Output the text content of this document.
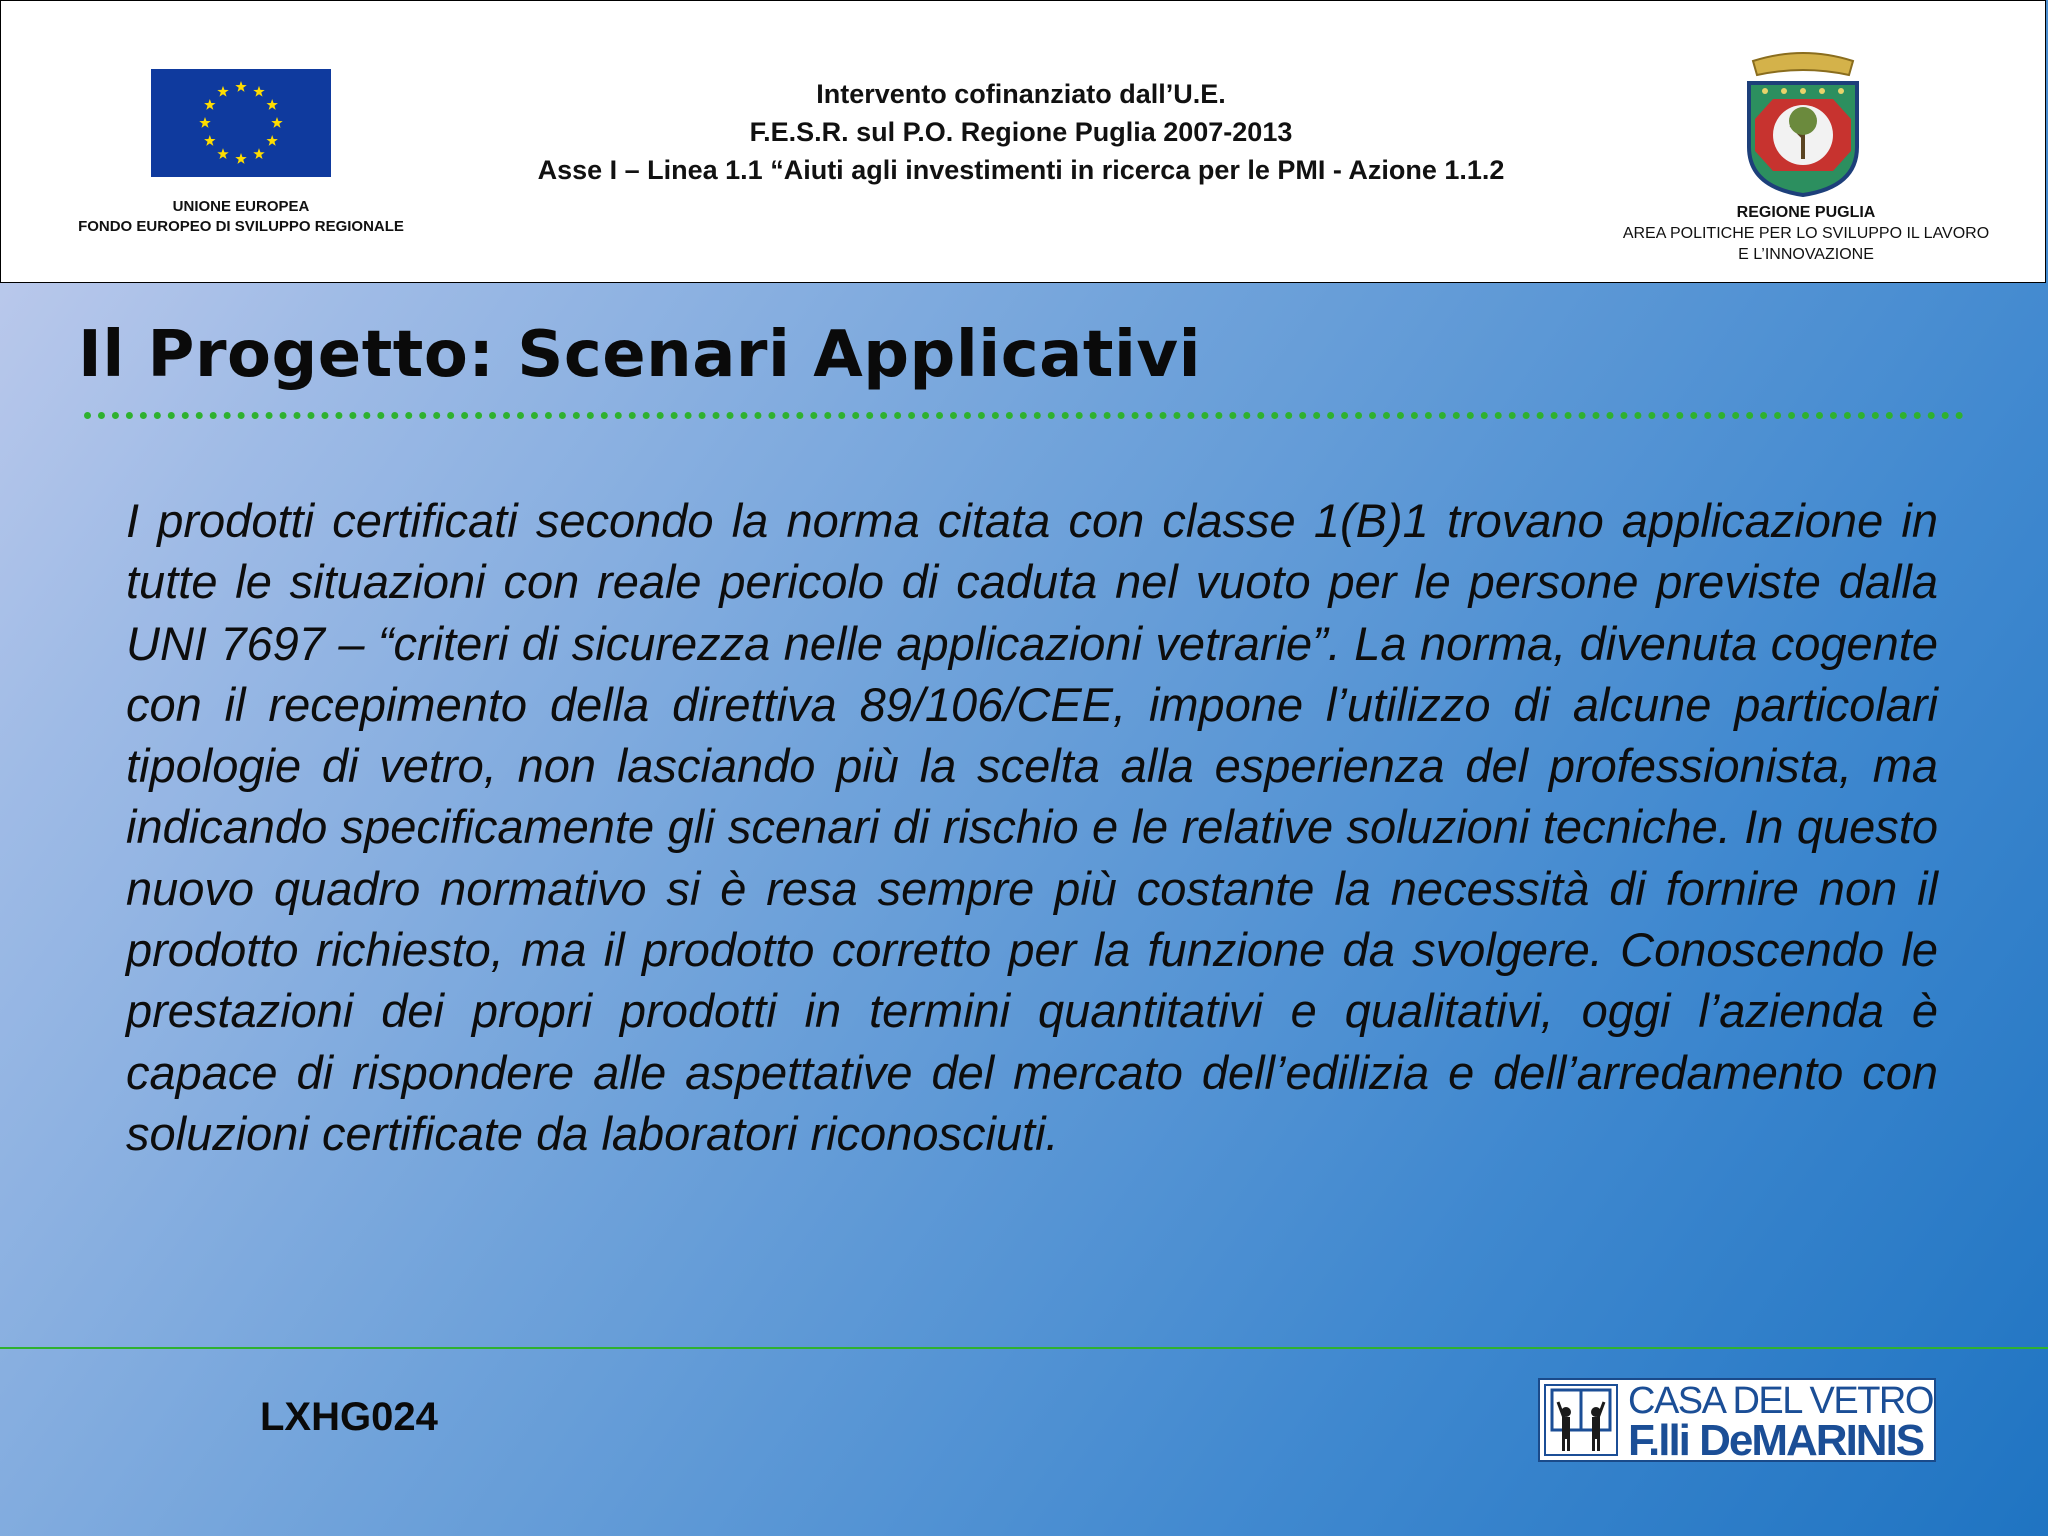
UNIONE EUROPEA
FONDO EUROPEO DI SVILUPPO REGIONALE
Intervento cofinanziato dall’U.E.
F.E.S.R. sul P.O. Regione Puglia 2007-2013
Asse I – Linea 1.1 “Aiuti agli investimenti in ricerca per le PMI - Azione 1.1.2
REGIONE PUGLIA
AREA POLITICHE PER LO SVILUPPO IL LAVORO
E L’INNOVAZIONE
Il Progetto: Scenari Applicativi

I prodotti certificati secondo la norma citata con classe 1(B)1 trovano applicazione in tutte le situazioni con reale pericolo di caduta nel vuoto per le persone previste dalla UNI 7697 – “criteri di sicurezza nelle applicazioni vetrarie”. La norma, divenuta cogente con il recepimento della direttiva 89/106/CEE, impone l’utilizzo di alcune particolari tipologie di vetro, non lasciando più la scelta alla esperienza del professionista, ma indicando specificamente gli scenari di rischio e le relative soluzioni tecniche. In questo nuovo quadro normativo si è resa sempre più costante la necessità di fornire non il prodotto richiesto, ma il prodotto corretto per la funzione da svolgere. Conoscendo le prestazioni dei propri prodotti in termini quantitativi e qualitativi, oggi l’azienda è capace di rispondere alle aspettative del mercato dell’edilizia e dell’arredamento con soluzioni certificate da laboratori riconosciuti.

LXHG024	CASA DEL VETRO
F.lli DeMARINIS
